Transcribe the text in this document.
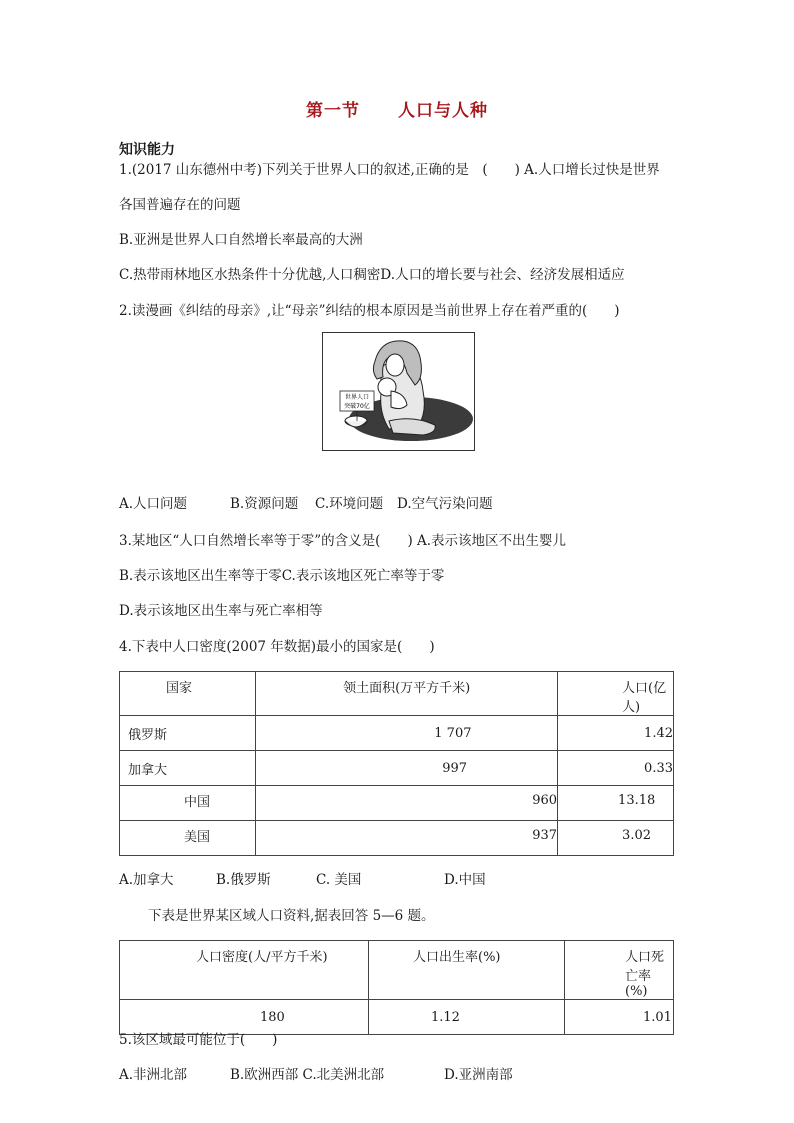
第一节 人口与人种
知识能力
1.(2017 山东德州中考)下列关于世界人口的叙述,正确的是　(　　) A.人口增长过快是世界
各国普遍存在的问题
B.亚洲是世界人口自然增长率最高的大洲
C.热带雨林地区水热条件十分优越,人口稠密D.人口的增长要与社会、经济发展相适应
2.读漫画《纠结的母亲》,让“母亲”纠结的根本原因是当前世界上存在着严重的(　　)
世界人口
突破70亿
A.人口问题	B.资源问题 C.环境问题 D.空气污染问题
3.某地区“人口自然增长率等于零”的含义是(　　) A.表示该地区不出生婴儿
B.表示该地区出生率等于零C.表示该地区死亡率等于零
D.表示该地区出生率与死亡率相等
4.下表中人口密度(2007 年数据)最小的国家是(　　)
国家	领土面积(万平方千米)	人口(亿人)
俄罗斯	1 707	1.42
加拿大	997	0.33
中国	960	13.18
美国	937	3.02
A.加拿大	B.俄罗斯	C. 美国	D.中国
下表是世界某区域人口资料,据表回答 5—6 题。
人口密度(人/平方千米)	人口出生率(%)	人口死亡率(%)
180	1.12	1.01
5.该区域最可能位于(　　)
A.非洲北部	B.欧洲西部 C.北美洲北部	D.亚洲南部
